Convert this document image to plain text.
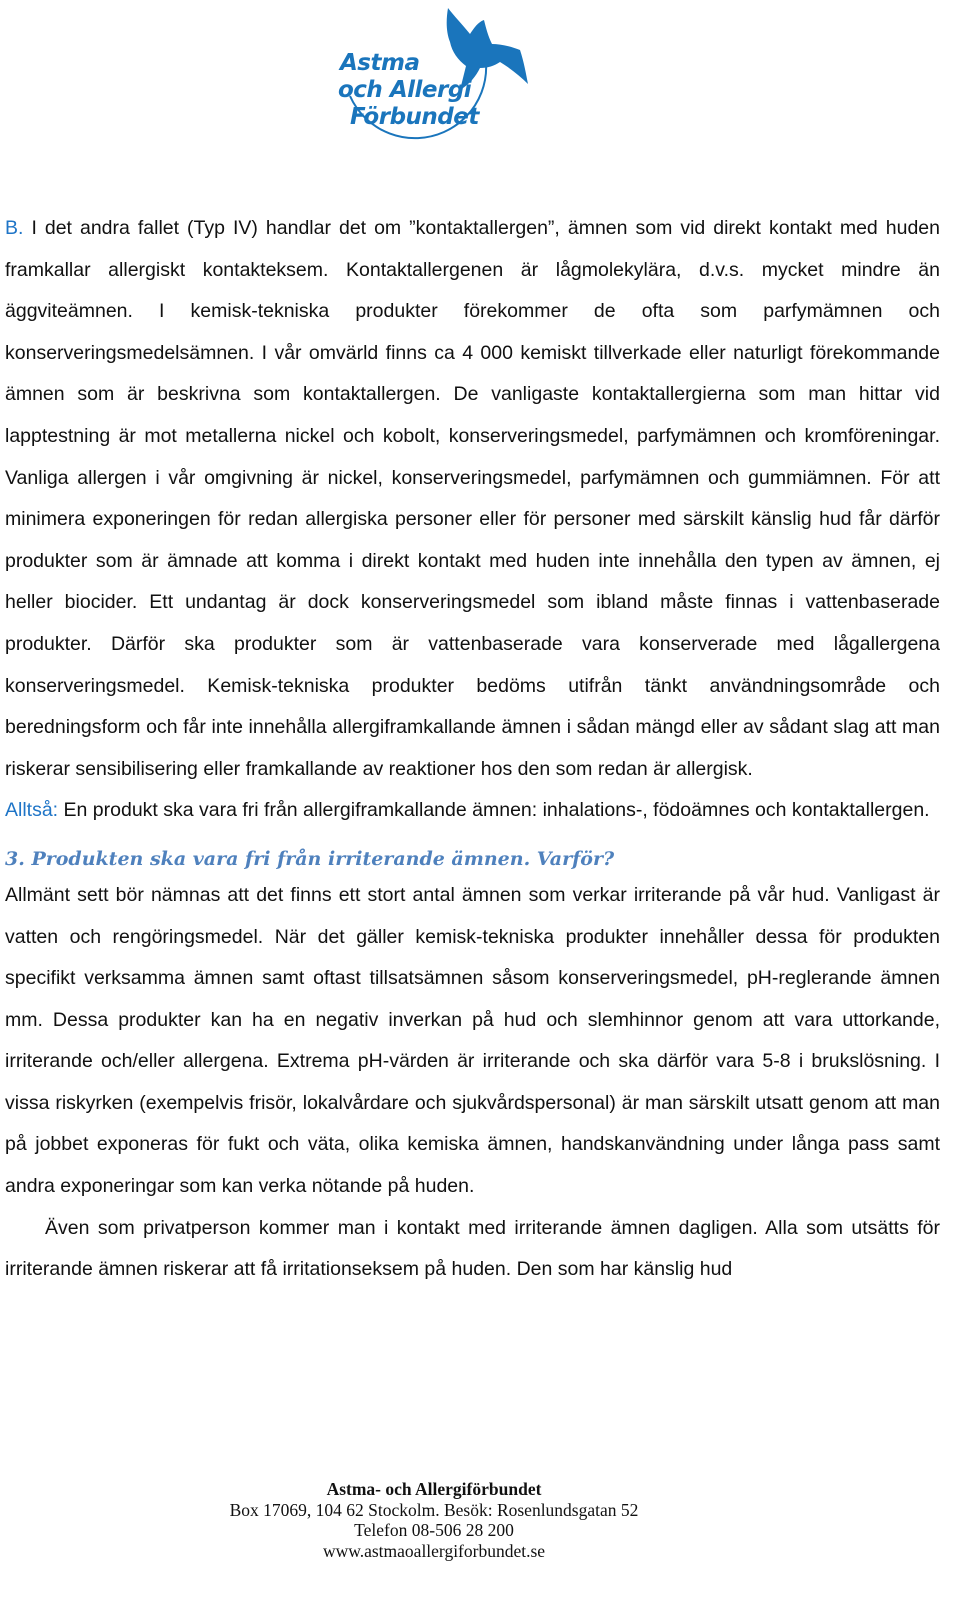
Astma
och Allergi
Förbundet

B. I det andra fallet (Typ IV) handlar det om ”kontaktallergen”, ämnen som vid direkt kontakt med huden framkallar allergiskt kontakteksem. Kontaktallergenen är lågmolekylära, d.v.s. mycket mindre än äggviteämnen. I kemisk-tekniska produkter förekommer de ofta som parfymämnen och konserveringsmedelsämnen. I vår omvärld finns ca 4 000 kemiskt tillverkade eller naturligt förekommande ämnen som är beskrivna som kontaktallergen. De vanligaste kontaktallergierna som man hittar vid lapptestning är mot metallerna nickel och kobolt, konserveringsmedel, parfymämnen och kromföreningar. Vanliga allergen i vår omgivning är nickel, konserveringsmedel, parfymämnen och gummiämnen. För att minimera exponeringen för redan allergiska personer eller för personer med särskilt känslig hud får därför produkter som är ämnade att komma i direkt kontakt med huden inte innehålla den typen av ämnen, ej heller biocider. Ett undantag är dock konserveringsmedel som ibland måste finnas i vattenbaserade produkter. Därför ska produkter som är vattenbaserade vara konserverade med lågallergena konserveringsmedel. Kemisk-tekniska produkter bedöms utifrån tänkt användningsområde och beredningsform och får inte innehålla allergiframkallande ämnen i sådan mängd eller av sådant slag att man riskerar sensibilisering eller framkallande av reaktioner hos den som redan är allergisk.

Alltså: En produkt ska vara fri från allergiframkallande ämnen: inhalations-, födoämnes och kontaktallergen.

3. Produkten ska vara fri från irriterande ämnen. Varför?

Allmänt sett bör nämnas att det finns ett stort antal ämnen som verkar irriterande på vår hud. Vanligast är vatten och rengöringsmedel. När det gäller kemisk-tekniska produkter innehåller dessa för produkten specifikt verksamma ämnen samt oftast tillsatsämnen såsom konserveringsmedel, pH-reglerande ämnen mm. Dessa produkter kan ha en negativ inverkan på hud och slemhinnor genom att vara uttorkande, irriterande och/eller allergena. Extrema pH-värden är irriterande och ska därför vara 5-8 i brukslösning. I vissa riskyrken (exempelvis frisör, lokalvårdare och sjukvårdspersonal) är man särskilt utsatt genom att man på jobbet exponeras för fukt och väta, olika kemiska ämnen, handskanvändning under långa pass samt andra exponeringar som kan verka nötande på huden.

Även som privatperson kommer man i kontakt med irriterande ämnen dagligen. Alla som utsätts för irriterande ämnen riskerar att få irritationseksem på huden. Den som har känslig hud

Astma- och Allergiförbundet
Box 17069, 104 62 Stockolm. Besök: Rosenlundsgatan 52
Telefon 08-506 28 200
www.astmaoallergiforbundet.se
